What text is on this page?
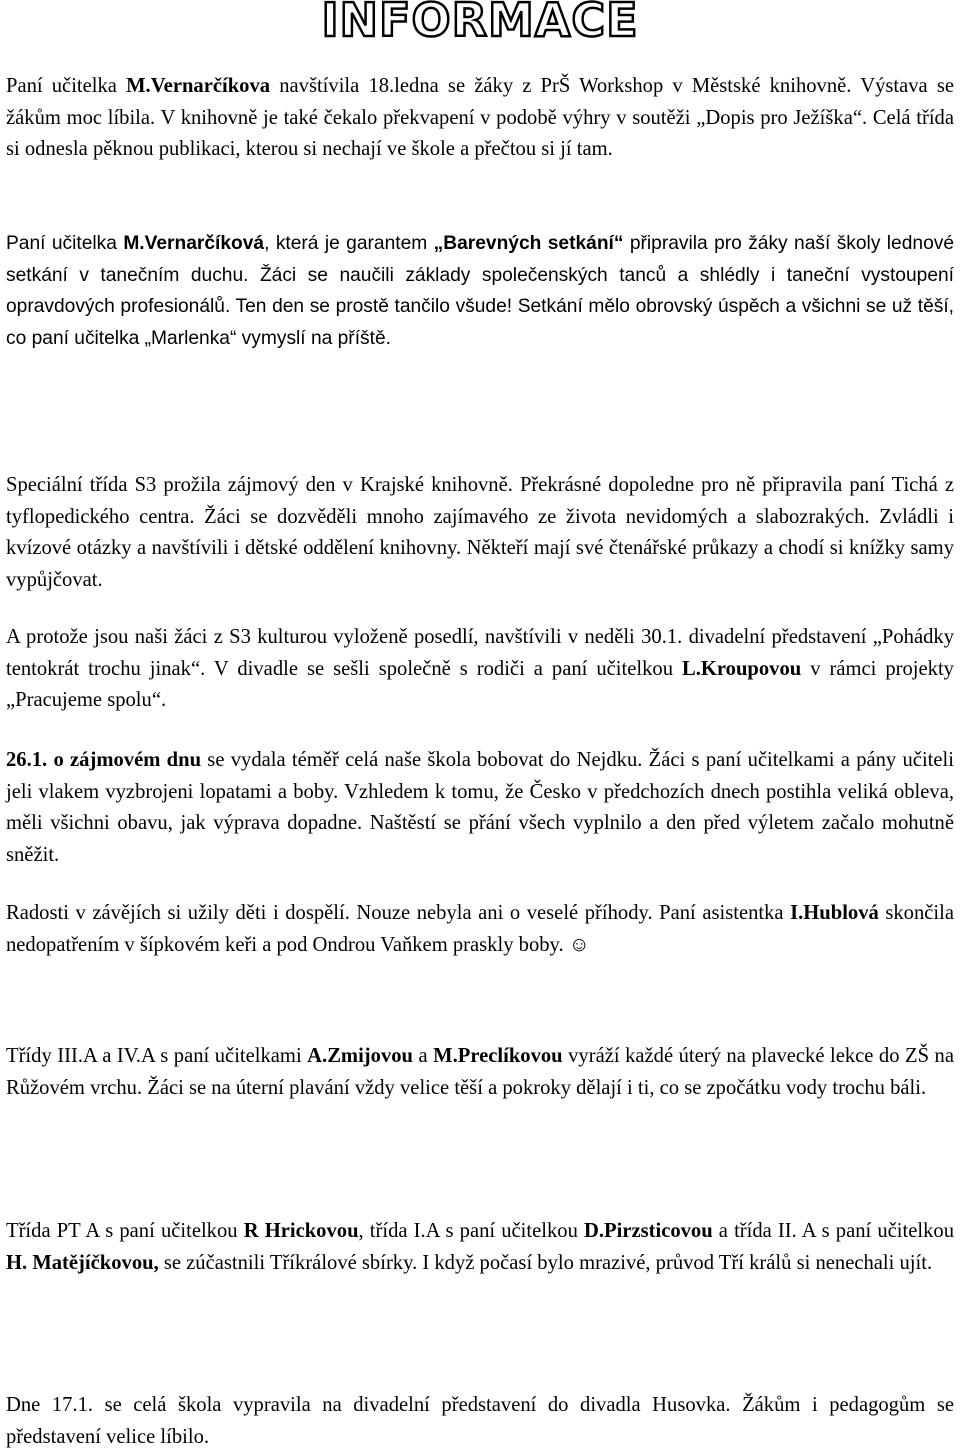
INFORMACE

Paní učitelka M.Vernarčíkova navštívila 18.ledna se žáky z PrŠ Workshop v Městské knihovně. Výstava se žákům moc líbila. V knihovně je také čekalo překvapení v podobě výhry v soutěži „Dopis pro Ježíška“. Celá třída si odnesla pěknou publikaci, kterou si nechají ve škole a přečtou si jí tam.

Paní učitelka M.Vernarčíková, která je garantem „Barevných setkání“ připravila pro žáky naší školy lednové setkání v tanečním duchu. Žáci se naučili základy společenských tanců a shlédly i taneční vystoupení opravdových profesionálů. Ten den se prostě tančilo všude! Setkání mělo obrovský úspěch a všichni se už těší, co paní učitelka „Marlenka“ vymyslí na příště.

Speciální třída S3 prožila zájmový den v Krajské knihovně. Překrásné dopoledne pro ně připravila paní Tichá z tyflopedického centra. Žáci se dozvěděli mnoho zajímavého ze života nevidomých a slabozrakých. Zvládli i kvízové otázky a navštívili i dětské oddělení knihovny. Někteří mají své čtenářské průkazy a chodí si knížky samy vypůjčovat.

A protože jsou naši žáci z S3 kulturou vyloženě posedlí, navštívili v neděli 30.1. divadelní představení „Pohádky tentokrát trochu jinak“. V divadle se sešli společně s rodiči a paní učitelkou L.Kroupovou v rámci projekty „Pracujeme spolu“.

26.1. o zájmovém dnu se vydala téměř celá naše škola bobovat do Nejdku. Žáci s paní učitelkami a pány učiteli jeli vlakem vyzbrojeni lopatami a boby. Vzhledem k tomu, že Česko v předchozích dnech postihla veliká obleva, měli všichni obavu, jak výprava dopadne. Naštěstí se přání všech vyplnilo a den před výletem začalo mohutně sněžit.

Radosti v závějích si užily děti i dospělí. Nouze nebyla ani o veselé příhody. Paní asistentka I.Hublová skončila nedopatřením v šípkovém keři a pod Ondrou Vaňkem praskly boby. ☺

Třídy III.A a IV.A s paní učitelkami A.Zmijovou a M.Preclíkovou vyráží každé úterý na plavecké lekce do ZŠ na Růžovém vrchu. Žáci se na úterní plavání vždy velice těší a pokroky dělají i ti, co se zpočátku vody trochu báli.

Třída PT A s paní učitelkou R Hrickovou, třída I.A s paní učitelkou D.Pirzsticovou a třída II. A s paní učitelkou H. Matějíčkovou, se zúčastnili Tříkrálové sbírky. I když počasí bylo mrazivé, průvod Tří králů si nenechali ujít.

Dne 17.1. se celá škola vypravila na divadelní představení do divadla Husovka. Žákům i pedagogům se představení velice líbilo.
